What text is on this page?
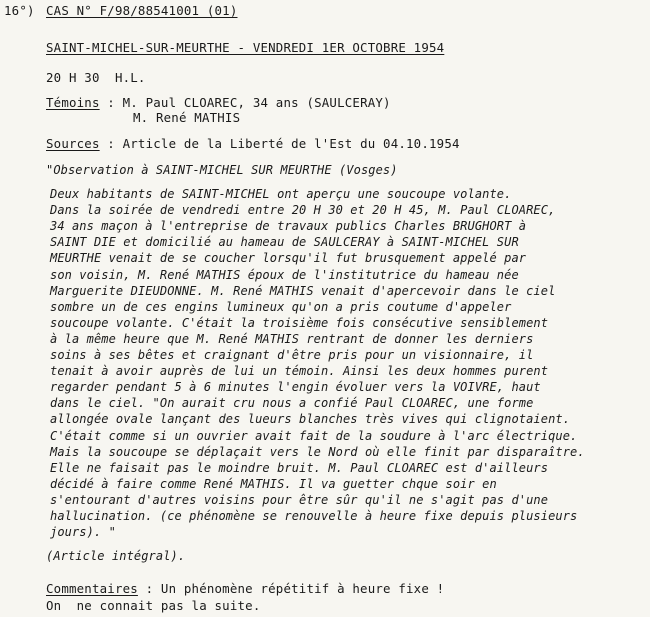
16°) CAS N° F/98/88541001 (01)
SAINT-MICHEL-SUR-MEURTHE - VENDREDI 1ER OCTOBRE 1954
20 H 30  H.L.
Témoins : M. Paul CLOAREC, 34 ans (SAULCERAY)
M. René MATHIS
Sources : Article de la Liberté de l'Est du 04.10.1954
"Observation à SAINT-MICHEL SUR MEURTHE (Vosges)
Deux habitants de SAINT-MICHEL ont aperçu une soucoupe volante.
Dans la soirée de vendredi entre 20 H 30 et 20 H 45, M. Paul CLOAREC,
34 ans maçon à l'entreprise de travaux publics Charles BRUGHORT à
SAINT DIE et domicilié au hameau de SAULCERAY à SAINT-MICHEL SUR
MEURTHE venait de se coucher lorsqu'il fut brusquement appelé par
son voisin, M. René MATHIS époux de l'institutrice du hameau née
Marguerite DIEUDONNE. M. René MATHIS venait d'apercevoir dans le ciel
sombre un de ces engins lumineux qu'on a pris coutume d'appeler
soucoupe volante. C'était la troisième fois consécutive sensiblement
à la même heure que M. René MATHIS rentrant de donner les derniers
soins à ses bêtes et craignant d'être pris pour un visionnaire, il
tenait à avoir auprès de lui un témoin. Ainsi les deux hommes purent
regarder pendant 5 à 6 minutes l'engin évoluer vers la VOIVRE, haut
dans le ciel. "On aurait cru nous a confié Paul CLOAREC, une forme
allongée ovale lançant des lueurs blanches très vives qui clignotaient.
C'était comme si un ouvrier avait fait de la soudure à l'arc électrique.
Mais la soucoupe se déplaçait vers le Nord où elle finit par disparaître.
Elle ne faisait pas le moindre bruit. M. Paul CLOAREC est d'ailleurs
décidé à faire comme René MATHIS. Il va guetter chque soir en
s'entourant d'autres voisins pour être sûr qu'il ne s'agit pas d'une
hallucination. (ce phénomène se renouvelle à heure fixe depuis plusieurs
jours). "
(Article intégral).
Commentaires : Un phénomène répétitif à heure fixe !
On  ne connait pas la suite.
